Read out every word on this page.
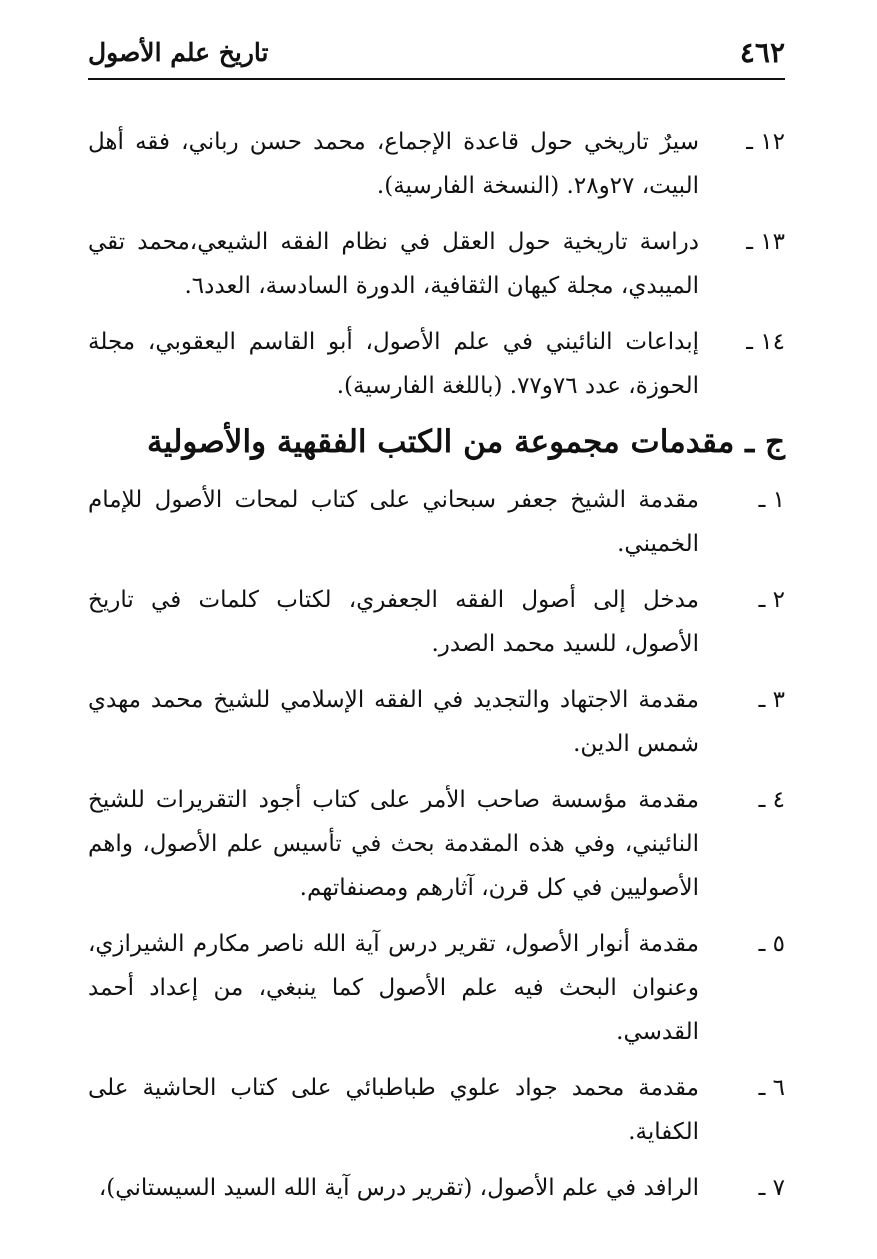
٤٦٢
تاريخ علم الأصول
١٢ ـ
سيرٌ تاريخي حول قاعدة الإجماع، محمد حسن رباني، فقه أهل البيت، ٢٧و٢٨. (النسخة الفارسية).
١٣ ـ
دراسة تاريخية حول العقل في نظام الفقه الشيعي،محمد تقي الميبدي، مجلة كيهان الثقافية، الدورة السادسة، العدد٦.
١٤ ـ
إبداعات النائيني في علم الأصول، أبو القاسم اليعقوبي، مجلة الحوزة، عدد ٧٦و٧٧. (باللغة الفارسية).
ج ـ مقدمات مجموعة من الكتب الفقهية والأصولية
١ ـ
مقدمة الشيخ جعفر سبحاني على كتاب لمحات الأصول للإمام الخميني.
٢ ـ
مدخل إلى أصول الفقه الجعفري، لكتاب كلمات في تاريخ الأصول، للسيد محمد الصدر.
٣ ـ
مقدمة الاجتهاد والتجديد في الفقه الإسلامي للشيخ محمد مهدي شمس الدين.
٤ ـ
مقدمة مؤسسة صاحب الأمر على كتاب أجود التقريرات للشيخ النائيني، وفي هذه المقدمة بحث في تأسيس علم الأصول، واهم الأصوليين في كل قرن، آثارهم ومصنفاتهم.
٥ ـ
مقدمة أنوار الأصول، تقرير درس آية الله ناصر مكارم الشيرازي، وعنوان البحث فيه علم الأصول كما ينبغي، من إعداد أحمد القدسي.
٦ ـ
مقدمة محمد جواد علوي طباطبائي على كتاب الحاشية على الكفاية.
٧ ـ
الرافد في علم الأصول، (تقرير درس آية الله السيد السيستاني)،
